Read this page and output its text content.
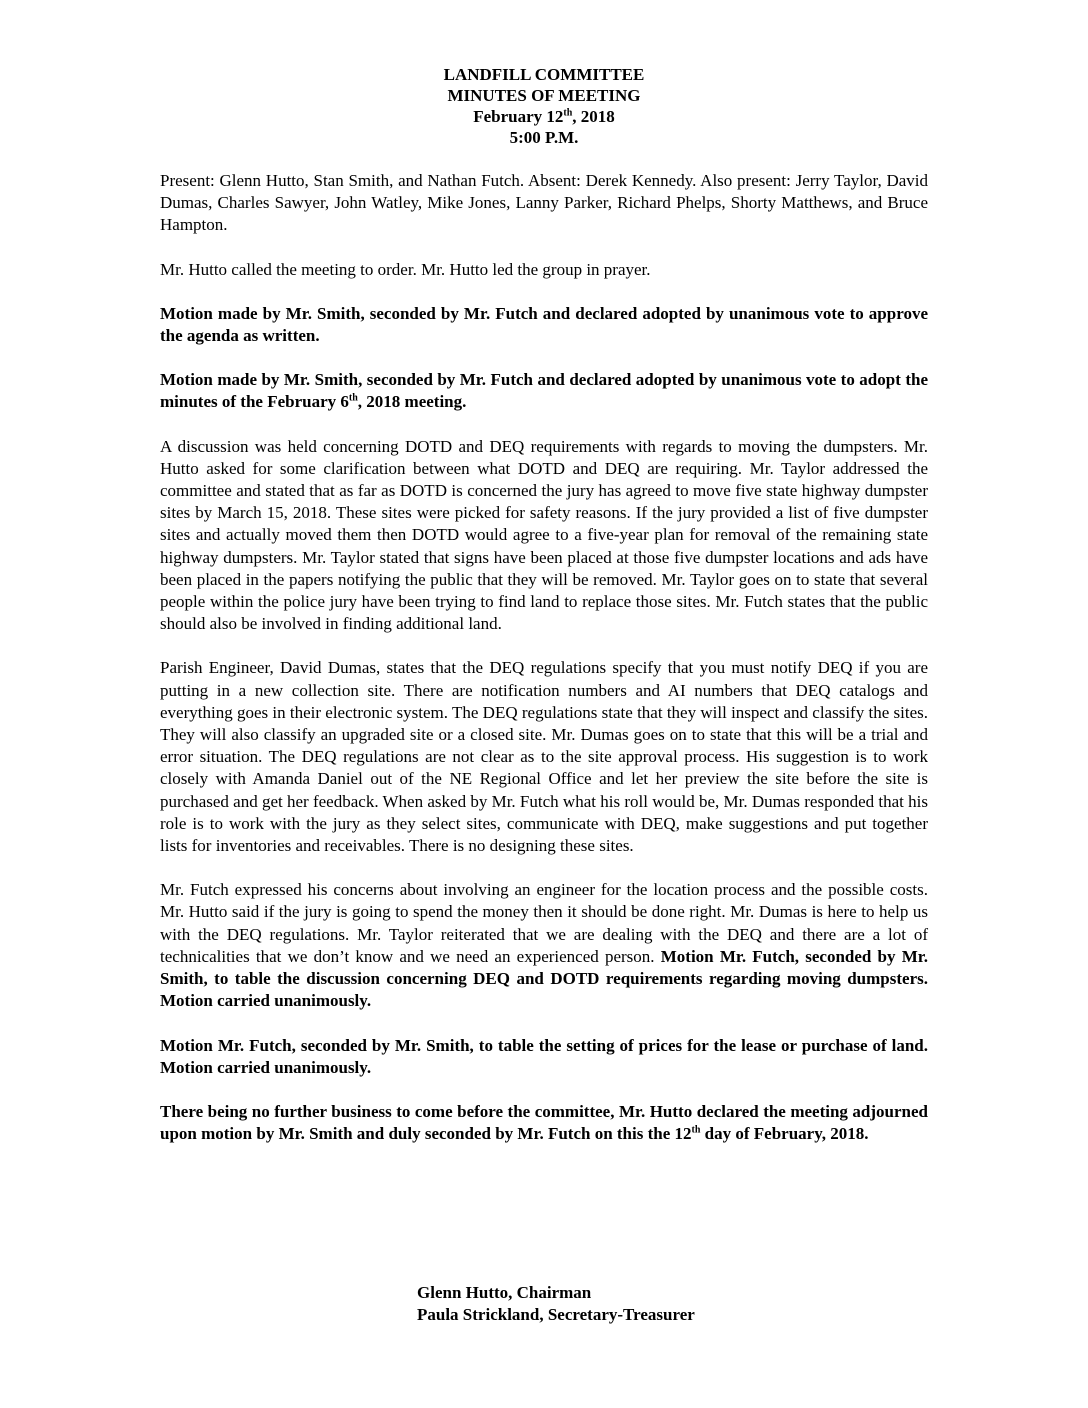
LANDFILL COMMITTEE
MINUTES OF MEETING
February 12th, 2018
5:00 P.M.

Present: Glenn Hutto, Stan Smith, and Nathan Futch. Absent: Derek Kennedy. Also present: Jerry Taylor, David Dumas, Charles Sawyer, John Watley, Mike Jones, Lanny Parker, Richard Phelps, Shorty Matthews, and Bruce Hampton.

Mr. Hutto called the meeting to order. Mr. Hutto led the group in prayer.

Motion made by Mr. Smith, seconded by Mr. Futch and declared adopted by unanimous vote to approve the agenda as written.

Motion made by Mr. Smith, seconded by Mr. Futch and declared adopted by unanimous vote to adopt the minutes of the February 6th, 2018 meeting.

A discussion was held concerning DOTD and DEQ requirements with regards to moving the dumpsters. Mr. Hutto asked for some clarification between what DOTD and DEQ are requiring. Mr. Taylor addressed the committee and stated that as far as DOTD is concerned the jury has agreed to move five state highway dumpster sites by March 15, 2018. These sites were picked for safety reasons. If the jury provided a list of five dumpster sites and actually moved them then DOTD would agree to a five-year plan for removal of the remaining state highway dumpsters. Mr. Taylor stated that signs have been placed at those five dumpster locations and ads have been placed in the papers notifying the public that they will be removed. Mr. Taylor goes on to state that several people within the police jury have been trying to find land to replace those sites. Mr. Futch states that the public should also be involved in finding additional land.

Parish Engineer, David Dumas, states that the DEQ regulations specify that you must notify DEQ if you are putting in a new collection site. There are notification numbers and AI numbers that DEQ catalogs and everything goes in their electronic system. The DEQ regulations state that they will inspect and classify the sites. They will also classify an upgraded site or a closed site. Mr. Dumas goes on to state that this will be a trial and error situation. The DEQ regulations are not clear as to the site approval process. His suggestion is to work closely with Amanda Daniel out of the NE Regional Office and let her preview the site before the site is purchased and get her feedback. When asked by Mr. Futch what his roll would be, Mr. Dumas responded that his role is to work with the jury as they select sites, communicate with DEQ, make suggestions and put together lists for inventories and receivables. There is no designing these sites.

Mr. Futch expressed his concerns about involving an engineer for the location process and the possible costs. Mr. Hutto said if the jury is going to spend the money then it should be done right. Mr. Dumas is here to help us with the DEQ regulations. Mr. Taylor reiterated that we are dealing with the DEQ and there are a lot of technicalities that we don’t know and we need an experienced person. Motion Mr. Futch, seconded by Mr. Smith, to table the discussion concerning DEQ and DOTD requirements regarding moving dumpsters. Motion carried unanimously.

Motion Mr. Futch, seconded by Mr. Smith, to table the setting of prices for the lease or purchase of land. Motion carried unanimously.

There being no further business to come before the committee, Mr. Hutto declared the meeting adjourned upon motion by Mr. Smith and duly seconded by Mr. Futch on this the 12th day of February, 2018.

Glenn Hutto, Chairman
Paula Strickland, Secretary-Treasurer
